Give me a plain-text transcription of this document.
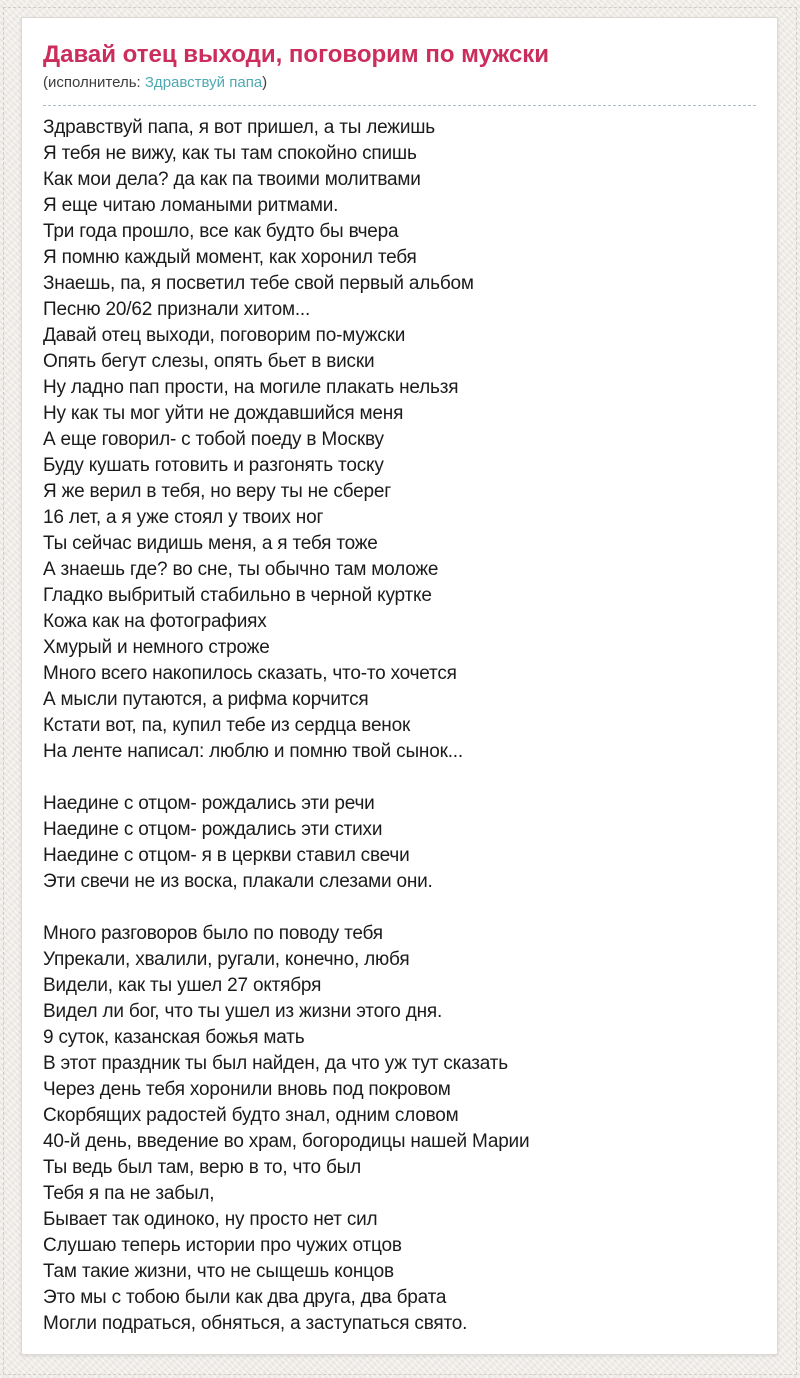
Давай отец выходи, поговорим по мужски
(исполнитель: Здравствуй папа)
Здравствуй папа, я вот пришел, а ты лежишь
Я тебя не вижу, как ты там спокойно спишь
Как мои дела? да как па твоими молитвами
Я еще читаю ломаными ритмами.
Три года прошло, все как будто бы вчера
Я помню каждый момент, как хоронил тебя
Знаешь, па, я посветил тебе свой первый альбом
Песню 20/62 признали хитом...
Давай отец выходи, поговорим по-мужски
Опять бегут слезы, опять бьет в виски
Ну ладно пап прости, на могиле плакать нельзя
Ну как ты мог уйти не дождавшийся меня
А еще говорил- с тобой поеду в Москву
Буду кушать готовить и разгонять тоску
Я же верил в тебя, но веру ты не сберег
16 лет, а я уже стоял у твоих ног
Ты сейчас видишь меня, а я тебя тоже
А знаешь где? во сне, ты обычно там моложе
Гладко выбритый стабильно в черной куртке
Кожа как на фотографиях
Хмурый и немного строже
Много всего накопилось сказать, что-то хочется
А мысли путаются, а рифма корчится
Кстати вот, па, купил тебе из сердца венок
На ленте написал: люблю и помню твой сынок...
Наедине с отцом- рождались эти речи
Наедине с отцом- рождались эти стихи
Наедине с отцом- я в церкви ставил свечи
Эти свечи не из воска, плакали слезами они.
Много разговоров было по поводу тебя
Упрекали, хвалили, ругали, конечно, любя
Видели, как ты ушел 27 октября
Видел ли бог, что ты ушел из жизни этого дня.
9 суток, казанская божья мать
В этот праздник ты был найден, да что уж тут сказать
Через день тебя хоронили вновь под покровом
Скорбящих радостей будто знал, одним словом
40-й день, введение во храм, богородицы нашей Марии
Ты ведь был там, верю в то, что был
Тебя я па не забыл,
Бывает так одиноко, ну просто нет сил
Слушаю теперь истории про чужих отцов
Там такие жизни, что не сыщешь концов
Это мы с тобою были как два друга, два брата
Могли подраться, обняться, а заступаться свято.
